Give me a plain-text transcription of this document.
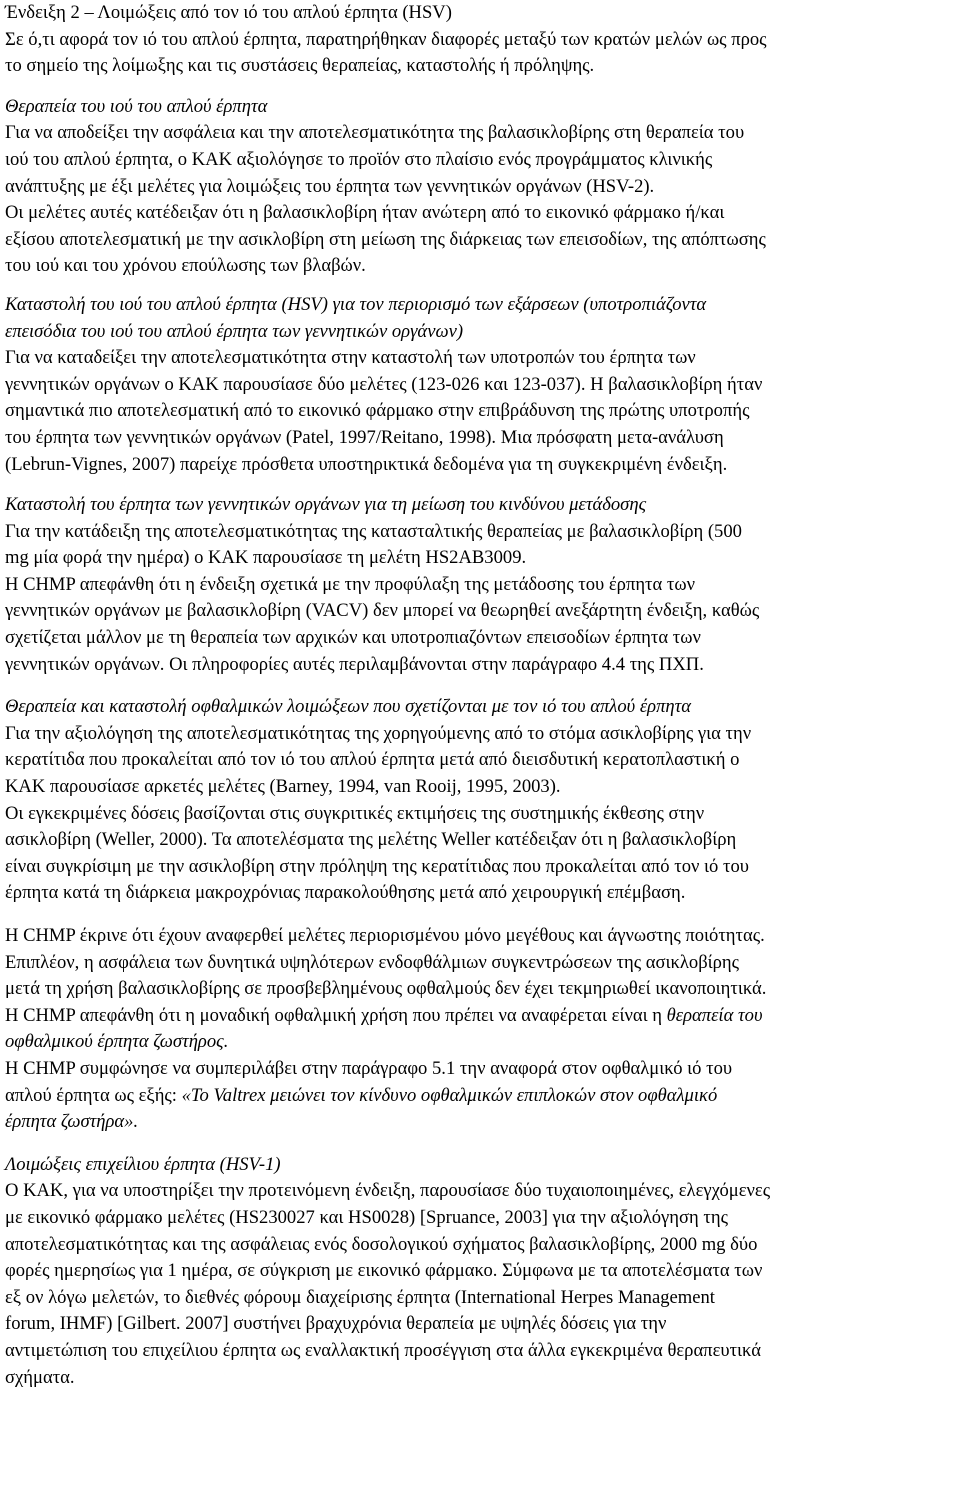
Ένδειξη 2 – Λοιμώξεις από τον ιό του απλού έρπητα (HSV)
Σε ό,τι αφορά τον ιό του απλού έρπητα, παρατηρήθηκαν διαφορές μεταξύ των κρατών μελών ως προς
το σημείο της λοίμωξης και τις συστάσεις θεραπείας, καταστολής ή πρόληψης.
Θεραπεία του ιού του απλού έρπητα
Για να αποδείξει την ασφάλεια και την αποτελεσματικότητα της βαλασικλοβίρης στη θεραπεία του
ιού του απλού έρπητα, ο ΚΑΚ αξιολόγησε το προϊόν στο πλαίσιο ενός προγράμματος κλινικής
ανάπτυξης με έξι μελέτες για λοιμώξεις του έρπητα των γεννητικών οργάνων (HSV-2).
Οι μελέτες αυτές κατέδειξαν ότι η βαλασικλοβίρη ήταν ανώτερη από το εικονικό φάρμακο ή/και
εξίσου αποτελεσματική με την ασικλοβίρη στη μείωση της διάρκειας των επεισοδίων, της απόπτωσης
του ιού και του χρόνου επούλωσης των βλαβών.
Καταστολή του ιού του απλού έρπητα (HSV) για τον περιορισμό των εξάρσεων (υποτροπιάζοντα
επεισόδια του ιού του απλού έρπητα των γεννητικών οργάνων)
Για να καταδείξει την αποτελεσματικότητα στην καταστολή των υποτροπών του έρπητα των
γεννητικών οργάνων ο ΚΑΚ παρουσίασε δύο μελέτες (123-026 και 123-037). Η βαλασικλοβίρη ήταν
σημαντικά πιο αποτελεσματική από το εικονικό φάρμακο στην επιβράδυνση της πρώτης υποτροπής
του έρπητα των γεννητικών οργάνων (Patel, 1997/Reitano, 1998). Μια πρόσφατη μετα-ανάλυση
(Lebrun-Vignes, 2007) παρείχε πρόσθετα υποστηρικτικά δεδομένα για τη συγκεκριμένη ένδειξη.
Καταστολή του έρπητα των γεννητικών οργάνων για τη μείωση του κινδύνου μετάδοσης
Για την κατάδειξη της αποτελεσματικότητας της κατασταλτικής θεραπείας με βαλασικλοβίρη (500
mg μία φορά την ημέρα) ο ΚΑΚ παρουσίασε τη μελέτη HS2AB3009.
Η CHMP απεφάνθη ότι η ένδειξη σχετικά με την προφύλαξη της μετάδοσης του έρπητα των
γεννητικών οργάνων με βαλασικλοβίρη (VACV) δεν μπορεί να θεωρηθεί ανεξάρτητη ένδειξη, καθώς
σχετίζεται μάλλον με τη θεραπεία των αρχικών και υποτροπιαζόντων επεισοδίων έρπητα των
γεννητικών οργάνων. Οι πληροφορίες αυτές περιλαμβάνονται στην παράγραφο 4.4 της ΠΧΠ.
Θεραπεία και καταστολή οφθαλμικών λοιμώξεων που σχετίζονται με τον ιό του απλού έρπητα
Για την αξιολόγηση της αποτελεσματικότητας της χορηγούμενης από το στόμα ασικλοβίρης για την
κερατίτιδα που προκαλείται από τον ιό του απλού έρπητα μετά από διεισδυτική κερατοπλαστική ο
ΚΑΚ παρουσίασε αρκετές μελέτες (Barney, 1994, van Rooij, 1995, 2003).
Οι εγκεκριμένες δόσεις βασίζονται στις συγκριτικές εκτιμήσεις της συστημικής έκθεσης στην
ασικλοβίρη (Weller, 2000). Τα αποτελέσματα της μελέτης Weller κατέδειξαν ότι η βαλασικλοβίρη
είναι συγκρίσιμη με την ασικλοβίρη στην πρόληψη της κερατίτιδας που προκαλείται από τον ιό του
έρπητα κατά τη διάρκεια μακροχρόνιας παρακολούθησης μετά από χειρουργική επέμβαση.
Η CHMP έκρινε ότι έχουν αναφερθεί μελέτες περιορισμένου μόνο μεγέθους και άγνωστης ποιότητας.
Επιπλέον, η ασφάλεια των δυνητικά υψηλότερων ενδοφθάλμιων συγκεντρώσεων της ασικλοβίρης
μετά τη χρήση βαλασικλοβίρης σε προσβεβλημένους οφθαλμούς δεν έχει τεκμηριωθεί ικανοποιητικά.
Η CHMP απεφάνθη ότι η μοναδική οφθαλμική χρήση που πρέπει να αναφέρεται είναι η θεραπεία του
οφθαλμικού έρπητα ζωστήρος.
Η CHMP συμφώνησε να συμπεριλάβει στην παράγραφο 5.1 την αναφορά στον οφθαλμικό ιό του
απλού έρπητα ως εξής: «Το Valtrex μειώνει τον κίνδυνο οφθαλμικών επιπλοκών στον οφθαλμικό
έρπητα ζωστήρα».
Λοιμώξεις επιχείλιου έρπητα (HSV-1)
Ο ΚΑΚ, για να υποστηρίξει την προτεινόμενη ένδειξη, παρουσίασε δύο τυχαιοποιημένες, ελεγχόμενες
με εικονικό φάρμακο μελέτες (HS230027 και HS0028) [Spruance, 2003] για την αξιολόγηση της
αποτελεσματικότητας και της ασφάλειας ενός δοσολογικού σχήματος βαλασικλοβίρης, 2000 mg δύο
φορές ημερησίως για 1 ημέρα, σε σύγκριση με εικονικό φάρμακο. Σύμφωνα με τα αποτελέσματα των
εξ ον λόγω μελετών, το διεθνές φόρουμ διαχείρισης έρπητα (International Herpes Management
forum, IHMF) [Gilbert. 2007] συστήνει βραχυχρόνια θεραπεία με υψηλές δόσεις για την
αντιμετώπιση του επιχείλιου έρπητα ως εναλλακτική προσέγγιση στα άλλα εγκεκριμένα θεραπευτικά
σχήματα.
